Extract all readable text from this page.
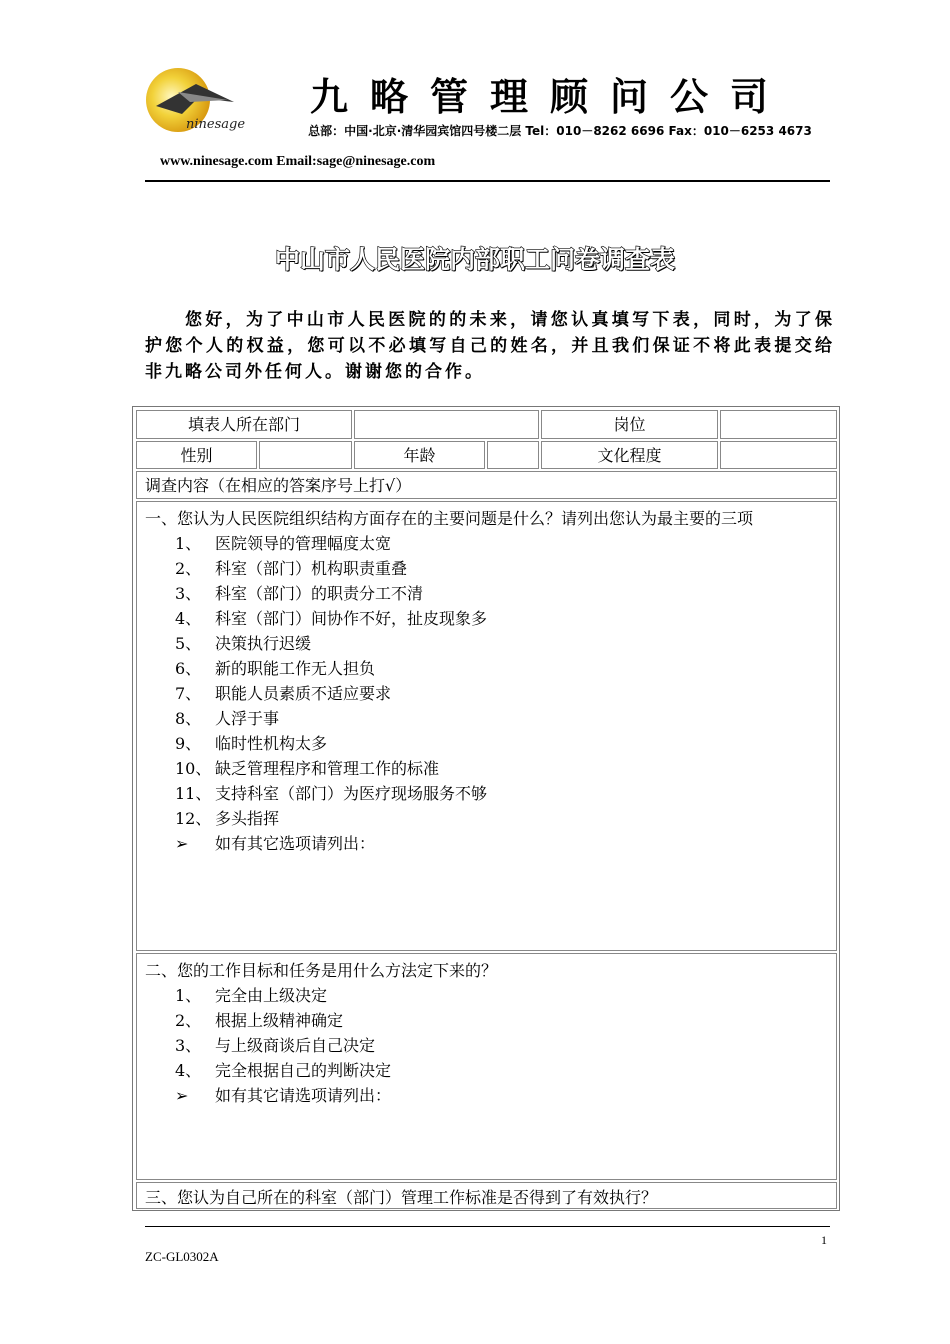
ninesage
九略管理顾问公司
总部：中国·北京·清华园宾馆四号楼二层 Tel：010－8262 6696 Fax：010－6253 4673
www.ninesage.com Email:sage@ninesage.com
中山市人民医院内部职工问卷调查表
您好，为了中山市人民医院的的未来，请您认真填写下表，同时，为了保护您个人的权益，您可以不必填写自己的姓名，并且我们保证不将此表提交给非九略公司外任何人。谢谢您的合作。
填表人所在部门	岗位
性别	年龄	文化程度
调查内容（在相应的答案序号上打√）

一、您认为人民医院组织结构方面存在的主要问题是什么？请列出您认为最主要的三项

1、 医院领导的管理幅度太宽
2、 科室（部门）机构职责重叠
3、 科室（部门）的职责分工不清
4、 科室（部门）间协作不好，扯皮现象多
5、 决策执行迟缓
6、 新的职能工作无人担负
7、 职能人员素质不适应要求
8、 人浮于事
9、 临时性机构太多
10、 缺乏管理程序和管理工作的标准
11、 支持科室（部门）为医疗现场服务不够
12、 多头指挥
➢	如有其它选项请列出：

二、您的工作目标和任务是用什么方法定下来的？

1、 完全由上级决定
2、 根据上级精神确定
3、 与上级商谈后自己决定
4、 完全根据自己的判断决定
➢	如有其它请选项请列出：

三、您认为自己所在的科室（部门）管理工作标准是否得到了有效执行？

1
ZC-GL0302A
